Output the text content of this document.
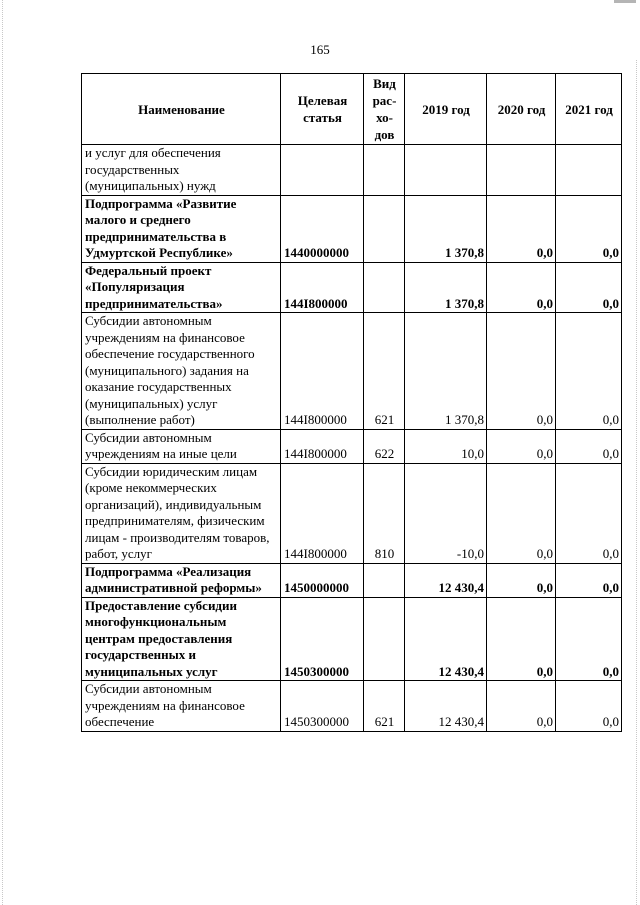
165
Наименование	Целевая статья	Вид рас-хо-дов	2019 год	2020 год	2021 год
и услуг для обеспечения государственных (муниципальных) нужд					
Подпрограмма «Развитие малого и среднего предпринимательства в Удмуртской Республике»	1440000000		1 370,8	0,0	0,0
Федеральный проект «Популяризация предпринимательства»	144I800000		1 370,8	0,0	0,0
Субсидии автономным учреждениям на финансовое обеспечение государственного (муниципального) задания на оказание государственных (муниципальных) услуг (выполнение работ)	144I800000	621	1 370,8	0,0	0,0
Субсидии автономным учреждениям на иные цели	144I800000	622	10,0	0,0	0,0
Субсидии юридическим лицам (кроме некоммерческих организаций), индивидуальным предпринимателям, физическим лицам - производителям товаров, работ, услуг	144I800000	810	-10,0	0,0	0,0
Подпрограмма «Реализация административной реформы»	1450000000		12 430,4	0,0	0,0
Предоставление субсидии многофункциональным центрам предоставления государственных и муниципальных услуг	1450300000		12 430,4	0,0	0,0
Субсидии автономным учреждениям на финансовое обеспечение	1450300000	621	12 430,4	0,0	0,0
